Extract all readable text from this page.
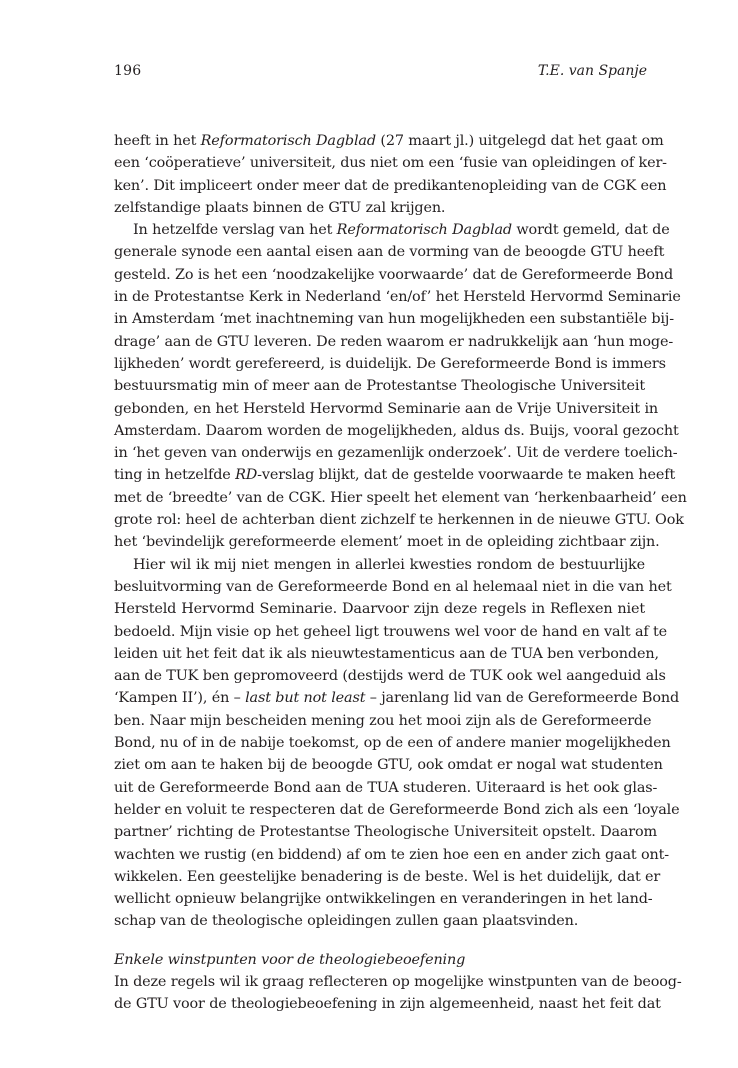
196	T.E. van Spanje
heeft in het Reformatorisch Dagblad (27 maart jl.) uitgelegd dat het gaat om
een ‘coöperatieve’ universiteit, dus niet om een ‘fusie van opleidingen of ker-
ken’. Dit impliceert onder meer dat de predikantenopleiding van de CGK een
zelfstandige plaats binnen de GTU zal krijgen.
In hetzelfde verslag van het Reformatorisch Dagblad wordt gemeld, dat de
generale synode een aantal eisen aan de vorming van de beoogde GTU heeft
gesteld. Zo is het een ‘noodzakelijke voorwaarde’ dat de Gereformeerde Bond
in de Protestantse Kerk in Nederland ‘en/of’ het Hersteld Hervormd Seminarie
in Amsterdam ‘met inachtneming van hun mogelijkheden een substantiële bij-
drage’ aan de GTU leveren. De reden waarom er nadrukkelijk aan ‘hun moge-
lijkheden’ wordt gerefereerd, is duidelijk. De Gereformeerde Bond is immers
bestuursmatig min of meer aan de Protestantse Theologische Universiteit
gebonden, en het Hersteld Hervormd Seminarie aan de Vrije Universiteit in
Amsterdam. Daarom worden de mogelijkheden, aldus ds. Buijs, vooral gezocht
in ‘het geven van onderwijs en gezamenlijk onderzoek’. Uit de verdere toelich-
ting in hetzelfde RD-verslag blijkt, dat de gestelde voorwaarde te maken heeft
met de ‘breedte’ van de CGK. Hier speelt het element van ‘herkenbaarheid’ een
grote rol: heel de achterban dient zichzelf te herkennen in de nieuwe GTU. Ook
het ‘bevindelijk gereformeerde element’ moet in de opleiding zichtbaar zijn.
Hier wil ik mij niet mengen in allerlei kwesties rondom de bestuurlijke
besluitvorming van de Gereformeerde Bond en al helemaal niet in die van het
Hersteld Hervormd Seminarie. Daarvoor zijn deze regels in Reflexen niet
bedoeld. Mijn visie op het geheel ligt trouwens wel voor de hand en valt af te
leiden uit het feit dat ik als nieuwtestamenticus aan de TUA ben verbonden,
aan de TUK ben gepromoveerd (destijds werd de TUK ook wel aangeduid als
‘Kampen II’), én – last but not least – jarenlang lid van de Gereformeerde Bond
ben. Naar mijn bescheiden mening zou het mooi zijn als de Gereformeerde
Bond, nu of in de nabije toekomst, op de een of andere manier mogelijkheden
ziet om aan te haken bij de beoogde GTU, ook omdat er nogal wat studenten
uit de Gereformeerde Bond aan de TUA studeren. Uiteraard is het ook glas-
helder en voluit te respecteren dat de Gereformeerde Bond zich als een ‘loyale
partner’ richting de Protestantse Theologische Universiteit opstelt. Daarom
wachten we rustig (en biddend) af om te zien hoe een en ander zich gaat ont-
wikkelen. Een geestelijke benadering is de beste. Wel is het duidelijk, dat er
wellicht opnieuw belangrijke ontwikkelingen en veranderingen in het land-
schap van de theologische opleidingen zullen gaan plaatsvinden.
Enkele winstpunten voor de theologiebeoefening
In deze regels wil ik graag reflecteren op mogelijke winstpunten van de beoog-
de GTU voor de theologiebeoefening in zijn algemeenheid, naast het feit dat
